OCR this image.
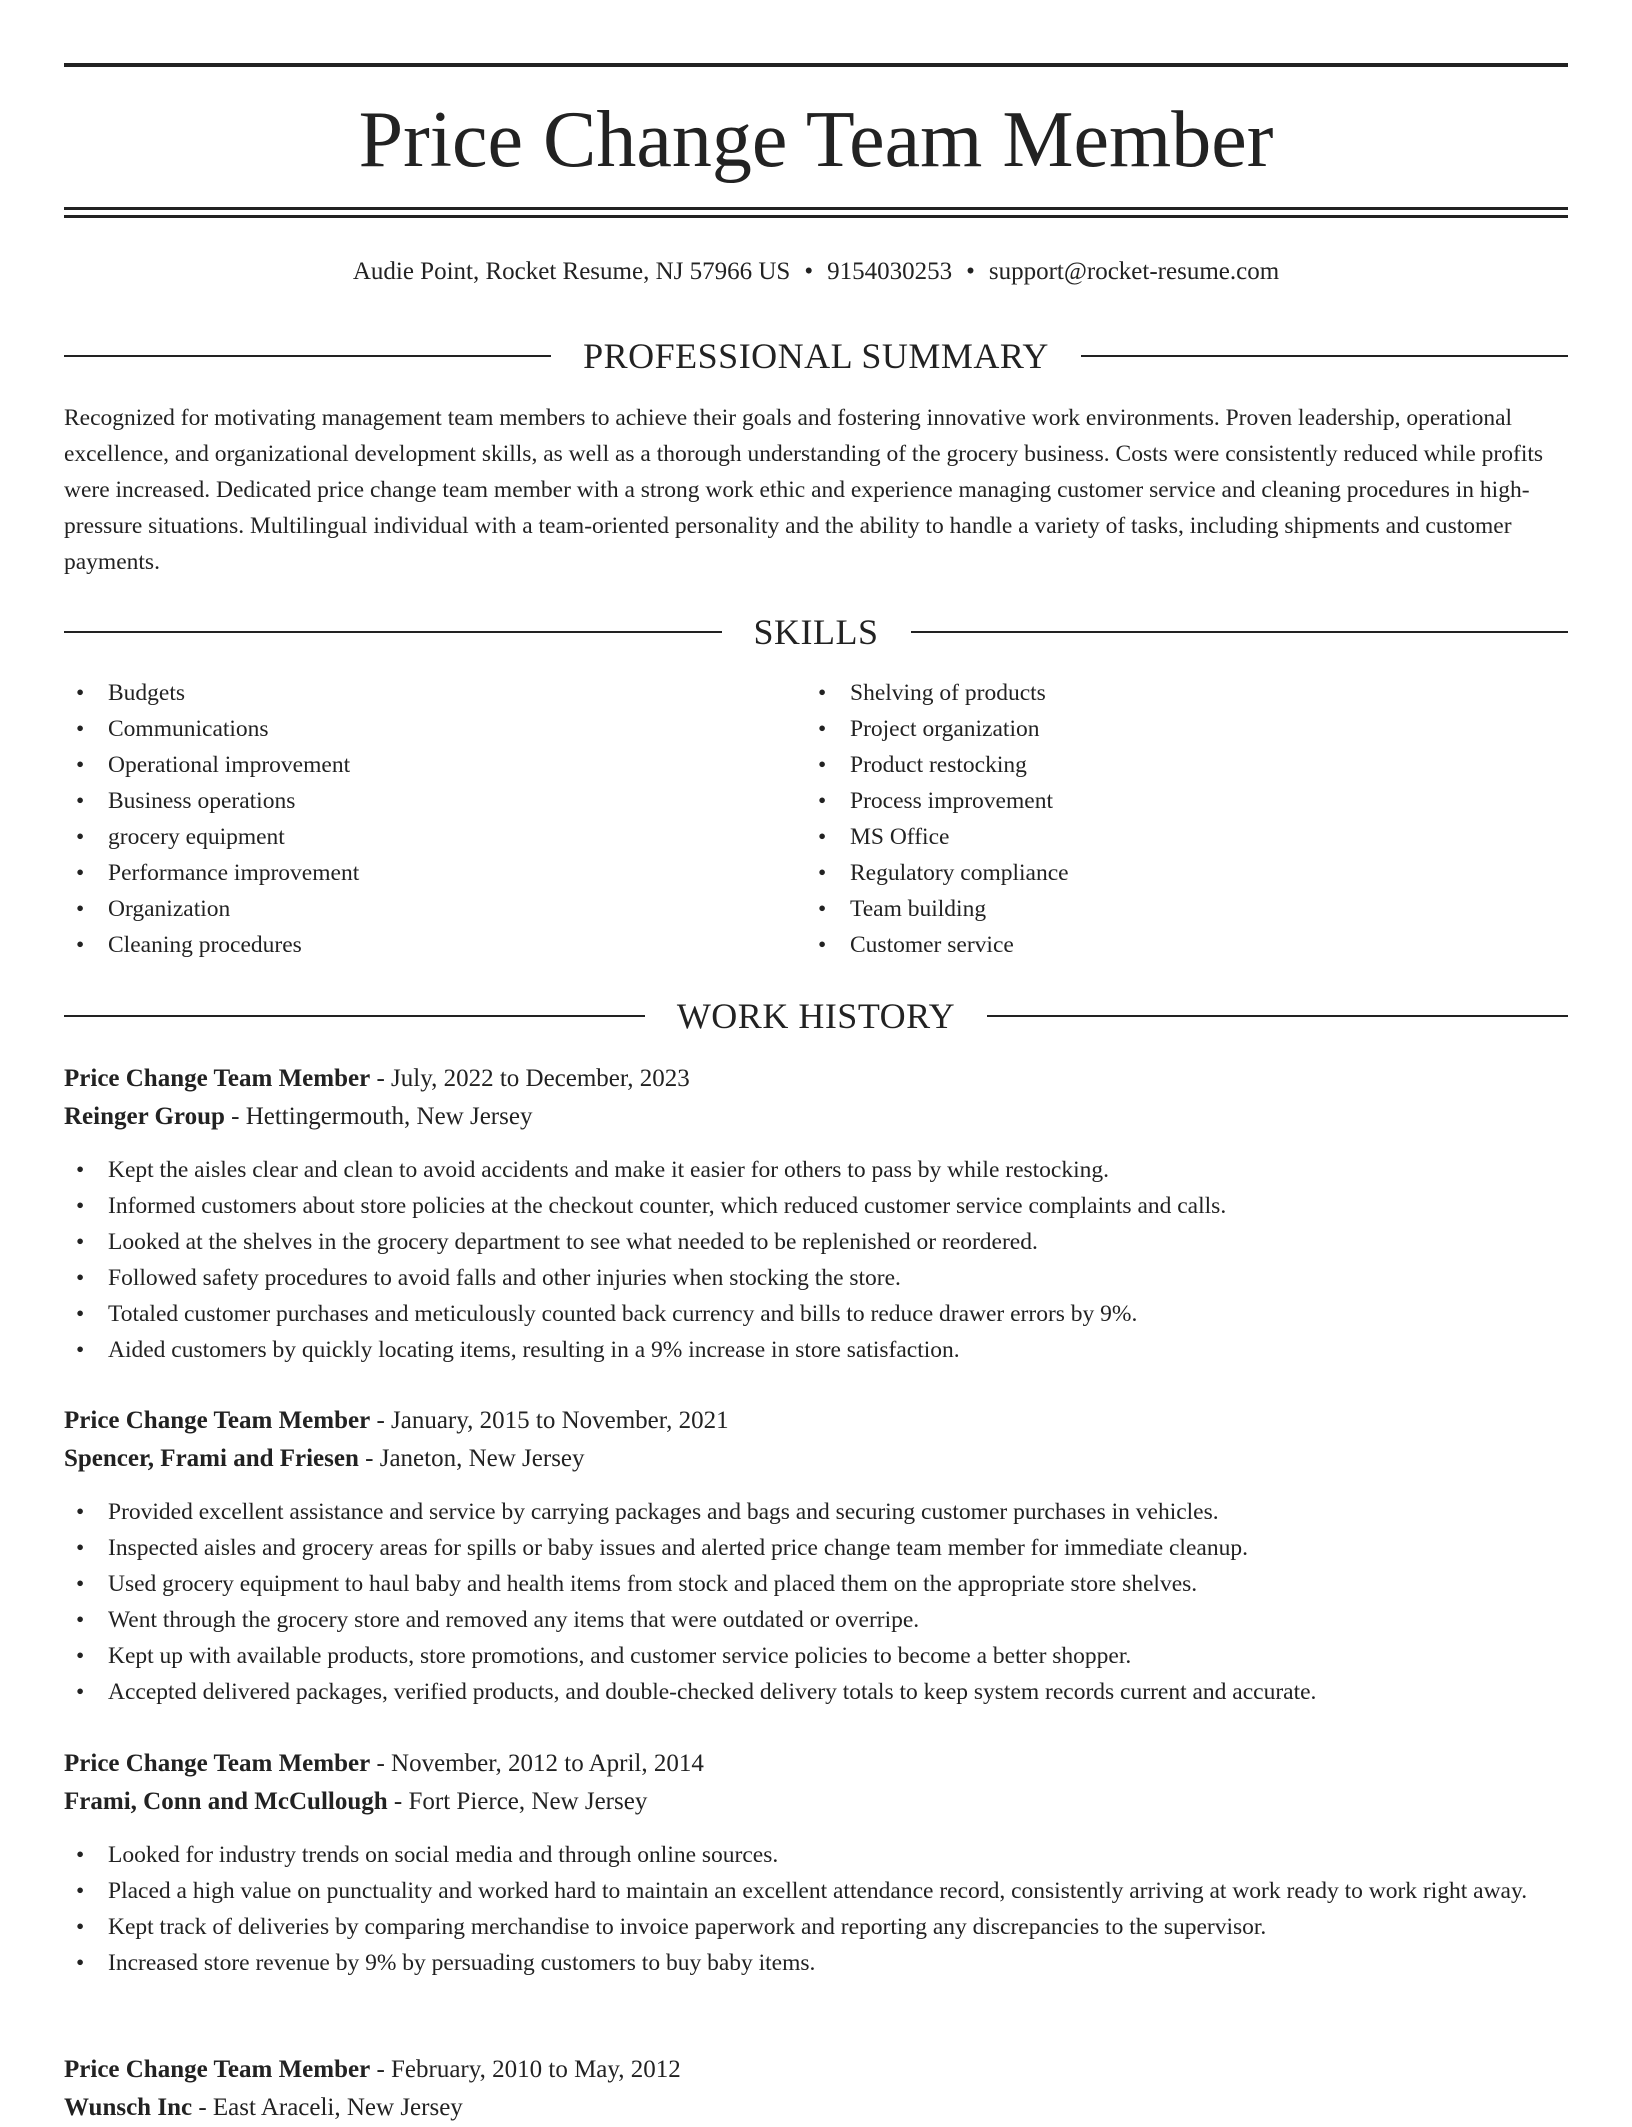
Price Change Team Member
Audie Point, Rocket Resume, NJ 57966 US • 9154030253 • support@rocket-resume.com
PROFESSIONAL SUMMARY

Recognized for motivating management team members to achieve their goals and fostering innovative work environments. Proven leadership, operational excellence, and organizational development skills, as well as a thorough understanding of the grocery business. Costs were consistently reduced while profits were increased. Dedicated price change team member with a strong work ethic and experience managing customer service and cleaning procedures in high-pressure situations. Multilingual individual with a team-oriented personality and the ability to handle a variety of tasks, including shipments and customer payments.

SKILLS
• Budgets
• Communications
• Operational improvement
• Business operations
• grocery equipment
• Performance improvement
• Organization
• Cleaning procedures
• Shelving of products
• Project organization
• Product restocking
• Process improvement
• MS Office
• Regulatory compliance
• Team building
• Customer service
WORK HISTORY
Price Change Team Member - July, 2022 to December, 2023
Reinger Group - Hettingermouth, New Jersey
• Kept the aisles clear and clean to avoid accidents and make it easier for others to pass by while restocking.
• Informed customers about store policies at the checkout counter, which reduced customer service complaints and calls.
• Looked at the shelves in the grocery department to see what needed to be replenished or reordered.
• Followed safety procedures to avoid falls and other injuries when stocking the store.
• Totaled customer purchases and meticulously counted back currency and bills to reduce drawer errors by 9%.
• Aided customers by quickly locating items, resulting in a 9% increase in store satisfaction.
Price Change Team Member - January, 2015 to November, 2021
Spencer, Frami and Friesen - Janeton, New Jersey
• Provided excellent assistance and service by carrying packages and bags and securing customer purchases in vehicles.
• Inspected aisles and grocery areas for spills or baby issues and alerted price change team member for immediate cleanup.
• Used grocery equipment to haul baby and health items from stock and placed them on the appropriate store shelves.
• Went through the grocery store and removed any items that were outdated or overripe.
• Kept up with available products, store promotions, and customer service policies to become a better shopper.
• Accepted delivered packages, verified products, and double-checked delivery totals to keep system records current and accurate.
Price Change Team Member - November, 2012 to April, 2014
Frami, Conn and McCullough - Fort Pierce, New Jersey
• Looked for industry trends on social media and through online sources.
• Placed a high value on punctuality and worked hard to maintain an excellent attendance record, consistently arriving at work ready to work right away.
• Kept track of deliveries by comparing merchandise to invoice paperwork and reporting any discrepancies to the supervisor.
• Increased store revenue by 9% by persuading customers to buy baby items.
Price Change Team Member - February, 2010 to May, 2012
Wunsch Inc - East Araceli, New Jersey
